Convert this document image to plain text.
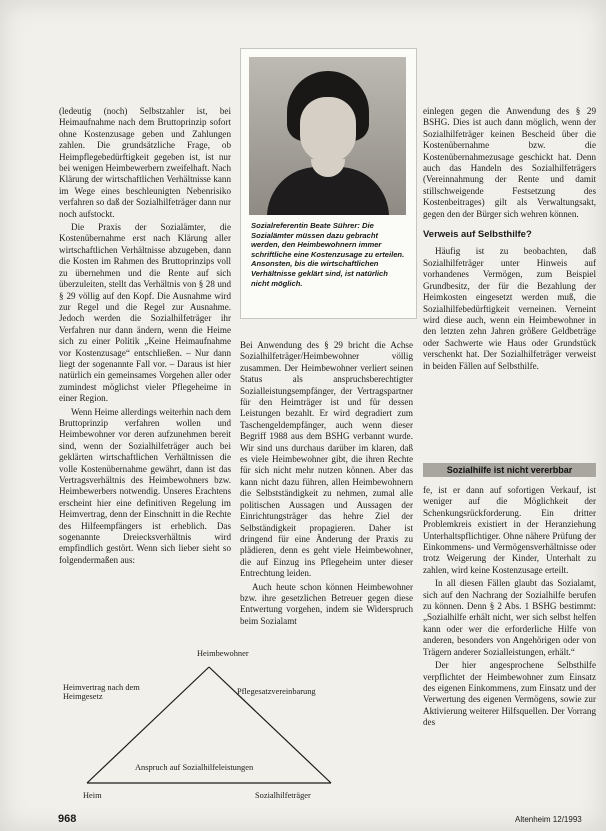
(ledeutig (noch) Selbstzahler ist, bei Heimaufnahme nach dem Bruttoprinzip sofort ohne Kostenzusage geben und Zahlungen zahlen. Die grundsätzliche Frage, ob Heimpflegebedürftigkeit gegeben ist, ist nur bei wenigen Heimbewerbern zweifelhaft. Nach Klärung der wirtschaftlichen Verhältnisse kann im Wege eines beschleunigten Nebenrisiko verfahren so daß der Sozialhilfeträger dann nur noch aufstockt.

Die Praxis der Sozialämter, die Kostenübernahme erst nach Klärung aller wirtschaftlichen Verhältnisse abzugeben, dann die Kosten im Rahmen des Bruttoprinzips voll zu übernehmen und die Rente auf sich überzuleiten, stellt das Verhältnis von § 28 und § 29 völlig auf den Kopf. Die Ausnahme wird zur Regel und die Regel zur Ausnahme. Jedoch werden die Sozialhilfeträger ihr Verfahren nur dann ändern, wenn die Heime sich zu einer Politik „Keine Heimaufnahme vor Kostenzusage“ entschließen. – Nur dann liegt der sogenannte Fall vor. – Daraus ist hier natürlich ein gemeinsames Vorgehen aller oder zumindest möglichst vieler Pflegeheime in einer Region.

Wenn Heime allerdings weiterhin nach dem Bruttoprinzip verfahren wollen und Heimbewohner vor deren aufzunehmen bereit sind, wenn der Sozialhilfeträger auch bei geklärten wirtschaftlichen Verhältnissen die volle Kostenübernahme gewährt, dann ist das Vertragsverhältnis des Heimbewohners bzw. Heimbewerbers notwendig. Unseres Erachtens erscheint hier eine definitiven Regelung im Heimvertrag, denn der Einschnitt in die Rechte des Hilfeempfängers ist erheblich. Das sogenannte Dreiecksverhältnis wird empfindlich gestört. Wenn sich lieber sieht so folgendermaßen aus:

Sozialreferentin Beate Sührer: Die Sozialämter müssen dazu gebracht werden, den Heimbewohnern immer schriftliche eine Kostenzusage zu erteilen. Ansonsten, bis die wirtschaftlichen Verhältnisse geklärt sind, ist natürlich nicht möglich.

Bei Anwendung des § 29 bricht die Achse Sozialhilfeträger/Heimbewohner völlig zusammen. Der Heimbewohner verliert seinen Status als anspruchsberechtigter Sozialleistungsempfänger, der Vertragspartner für den Heimträger ist und für dessen Leistungen bezahlt. Er wird degradiert zum Taschengeldempfänger, auch wenn dieser Begriff 1988 aus dem BSHG verbannt wurde. Wir sind uns durchaus darüber im klaren, daß es viele Heimbewohner gibt, die ihren Rechte für sich nicht mehr nutzen können. Aber das kann nicht dazu führen, allen Heimbewohnern die Selbstständigkeit zu nehmen, zumal alle politischen Aussagen und Aussagen der Einrichtungsträger das hehre Ziel der Selbständigkeit propagieren. Daher ist dringend für eine Änderung der Praxis zu plädieren, denn es geht viele Heimbewohner, die auf Einzug ins Pflegeheim unter dieser Entrechtung leiden.

Auch heute schon können Heimbewohner bzw. ihre gesetzlichen Betreuer gegen diese Entwertung vorgehen, indem sie Widerspruch beim Sozialamt

einlegen gegen die Anwendung des § 29 BSHG. Dies ist auch dann möglich, wenn der Sozialhilfeträger keinen Bescheid über die Kostenübernahme bzw. die Kostenübernahmezusage geschickt hat. Denn auch das Handeln des Sozialhilfeträgers (Vereinnahmung der Rente und damit stillschweigende Festsetzung des Kostenbeitrages) gilt als Verwaltungsakt, gegen den der Bürger sich wehren können.

Verweis auf Selbsthilfe?

Häufig ist zu beobachten, daß Sozialhilfeträger unter Hinweis auf vorhandenes Vermögen, zum Beispiel Grundbesitz, der für die Bezahlung der Heimkosten eingesetzt werden muß, die Sozialhilfebedürftigkeit verneinen. Verneint wird diese auch, wenn ein Heimbewohner in den letzten zehn Jahren größere Geldbeträge oder Sachwerte wie Haus oder Grundstück verschenkt hat. Der Sozialhilfeträger verweist in beiden Fällen auf Selbsthilfe.

Sozialhilfe ist nicht vererbbar

fe, ist er dann auf sofortigen Verkauf, ist weniger auf die Möglichkeit der Schenkungsrückforderung. Ein dritter Problemkreis existiert in der Heranziehung Unterhaltspflichtiger. Ohne nähere Prüfung der Einkommens- und Vermögensverhältnisse oder trotz Weigerung der Kinder, Unterhalt zu zahlen, wird keine Kostenzusage erteilt.

In all diesen Fällen glaubt das Sozialamt, sich auf den Nachrang der Sozialhilfe berufen zu können. Denn § 2 Abs. 1 BSHG bestimmt: „Sozialhilfe erhält nicht, wer sich selbst helfen kann oder wer die erforderliche Hilfe von anderen, besonders von Angehörigen oder von Trägern anderer Sozialleistungen, erhält.“

Der hier angesprochene Selbsthilfe verpflichtet der Heimbewohner zum Einsatz des eigenen Einkommens, zum Einsatz und der Verwertung des eigenen Vermögens, sowie zur Aktivierung weiterer Hilfsquellen. Der Vorrang des

Heimbewohner
Heimvertrag nach dem Heimgesetz
Pflegesatzvereinbarung
Anspruch auf Sozialhilfeleistungen
Heim	Sozialhilfeträger
968	Altenheim 12/1993
